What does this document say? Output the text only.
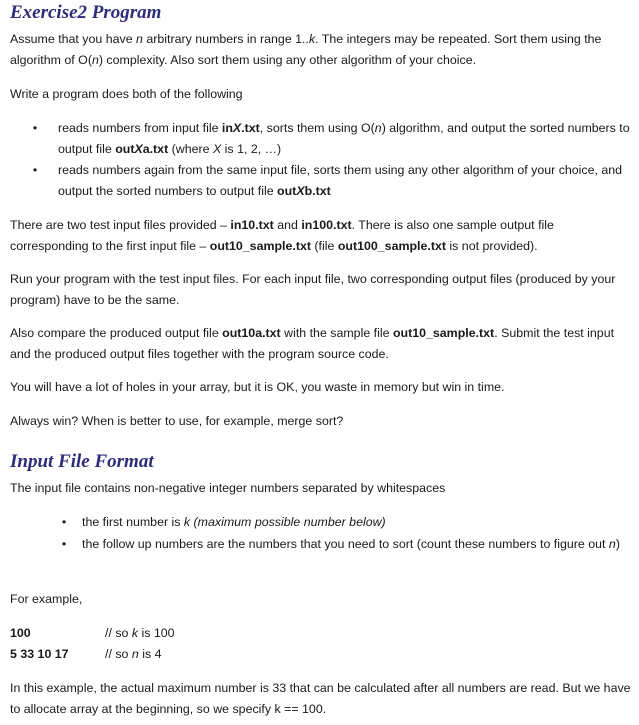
Exercise2 Program

Assume that you have n arbitrary numbers in range 1..k. The integers may be repeated. Sort them using the algorithm of O(n) complexity. Also sort them using any other algorithm of your choice.

Write a program does both of the following

• reads numbers from input file inX.txt, sorts them using O(n) algorithm, and output the sorted numbers to output file outXa.txt (where X is 1, 2, …)

• reads numbers again from the same input file, sorts them using any other algorithm of your choice, and output the sorted numbers to output file outXb.txt

There are two test input files provided – in10.txt and in100.txt. There is also one sample output file corresponding to the first input file – out10_sample.txt (file out100_sample.txt is not provided).

Run your program with the test input files. For each input file, two corresponding output files (produced by your program) have to be the same.

Also compare the produced output file out10a.txt with the sample file out10_sample.txt. Submit the test input and the produced output files together with the program source code.

You will have a lot of holes in your array, but it is OK, you waste in memory but win in time.

Always win? When is better to use, for example, merge sort?

Input File Format

The input file contains non-negative integer numbers separated by whitespaces

• the first number is k (maximum possible number below)

• the follow up numbers are the numbers that you need to sort (count these numbers to figure out n)

For example,

100	// so k is 100

5 33 10 17	// so n is 4

In this example, the actual maximum number is 33 that can be calculated after all numbers are read. But we have to allocate array at the beginning, so we specify k == 100.
